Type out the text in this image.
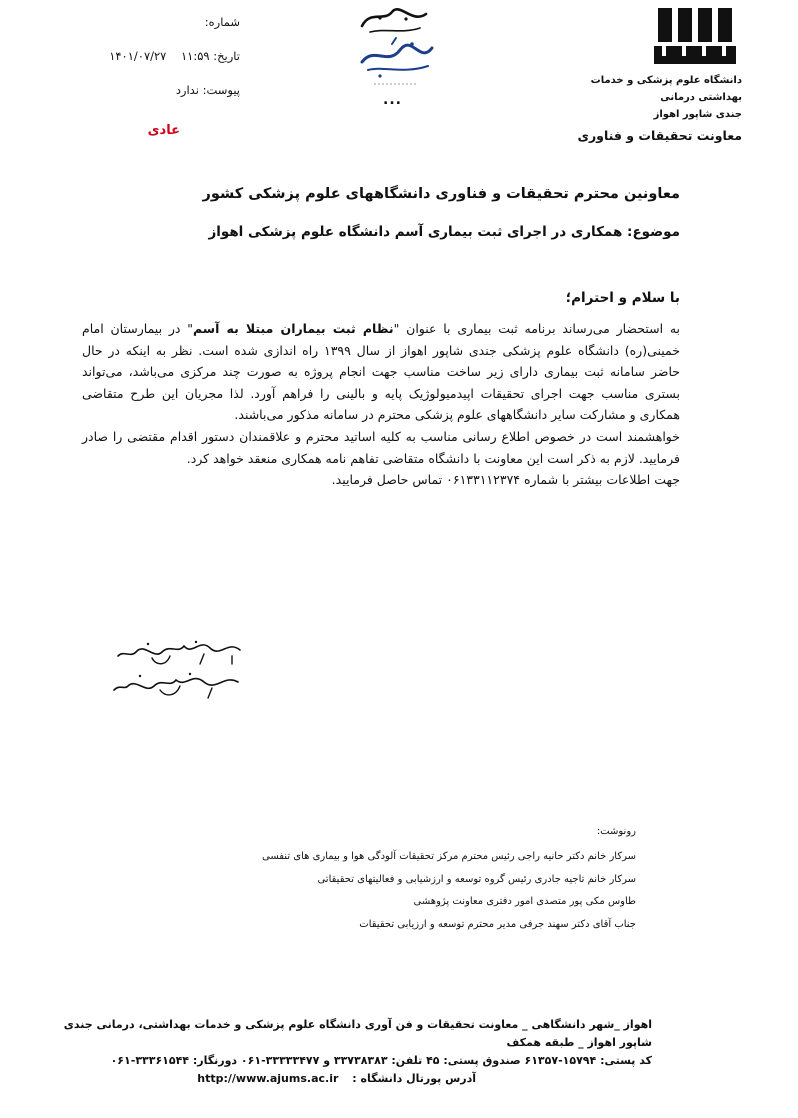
شماره:
تاریخ: ۱۱:۵۹    ۱۴۰۱/۰۷/۲۷
پیوست: ندارد
عادی
...
دانشگاه علوم پزشکی و خدمات بهداشتی درمانی
جندی شاپور اهواز
معاونت تحقیقات و فناوری
معاونین محترم تحقیقات و فناوری دانشگاههای علوم پزشکی کشور
موضوع: همکاری در اجرای ثبت بیماری آسم دانشگاه علوم پزشکی اهواز
با سلام و احترام؛

به استحضار می‌رساند برنامه ثبت بیماری با عنوان "نظام ثبت بیماران مبتلا به آسم" در بیمارستان امام خمینی(ره) دانشگاه علوم پزشکی جندی شاپور اهواز از سال ۱۳۹۹ راه اندازی شده است. نظر به اینکه در حال حاضر سامانه ثبت بیماری دارای زیر ساخت مناسب جهت انجام پروژه به صورت چند مرکزی می‌باشد، می‌تواند بستری مناسب جهت اجرای تحقیقات اپیدمیولوژیک پایه و بالینی را فراهم آورد. لذا مجریان این طرح متقاضی همکاری و مشارکت سایر دانشگاههای علوم پزشکی محترم در سامانه مذکور می‌باشند.

خواهشمند است در خصوص اطلاع رسانی مناسب به کلیه اساتید محترم و علاقمندان دستور اقدام مقتضی را صادر فرمایید. لازم به ذکر است این معاونت با دانشگاه متقاضی تفاهم نامه همکاری منعقد خواهد کرد.

جهت اطلاعات بیشتر با شماره ۰۶۱۳۳۱۱۲۳۷۴ تماس حاصل فرمایید.

رونوشت:
سرکار خانم دکتر حانیه راجی رئیس محترم مرکز تحقیقات آلودگی هوا و بیماری های تنفسی
سرکار خانم تاجیه جادری رئیس گروه توسعه و ارزشیابی و فعالیتهای تحقیقاتی
طاوس مکی پور متصدی امور دفتری معاونت پژوهشی
جناب آقای دکتر سهند جرفی مدیر محترم توسعه و ارزیابی تحقیقات
اهواز _شهر دانشگاهی _ معاونت تحقیقات و فن آوری دانشگاه علوم پزشکی و خدمات بهداشتی، درمانی جندی شاپور اهواز _ طبقه همکف
کد پستی: ۱۵۷۹۴-۶۱۳۵۷ صندوق پستی: ۴۵ تلفن: ۳۳۷۳۸۳۸۳ و ۳۳۳۳۳۴۷۷-۰۶۱ دورنگار: ۳۳۳۶۱۵۴۴-۰۶۱
آدرس پورتال دانشگاه : http://www.ajums.ac.ir
